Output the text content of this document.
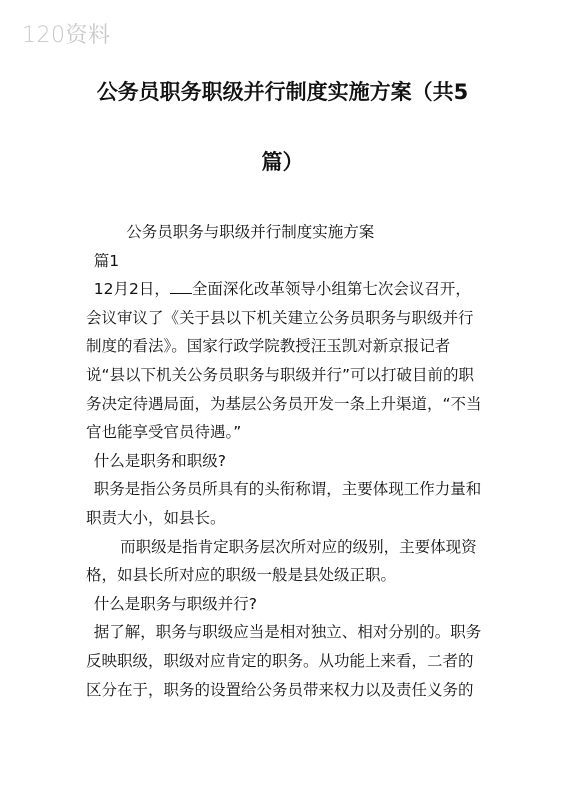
120资料
公务员职务职级并行制度实施方案（共5
篇）

公务员职务与职级并行制度实施方案

篇1

12月2日， 全面深化改革领导小组第七次会议召开，会议审议了《关于县以下机关建立公务员职务与职级并行制度的看法》。国家行政学院教授汪玉凯对新京报记者说“县以下机关公务员职务与职级并行”可以打破目前的职务决定待遇局面，为基层公务员开发一条上升渠道，“不当官也能享受官员待遇。”

什么是职务和职级?

职务是指公务员所具有的头衔称谓，主要体现工作力量和职责大小，如县长。

而职级是指肯定职务层次所对应的级别，主要体现资格，如县长所对应的职级一般是县处级正职。

什么是职务与职级并行?

据了解，职务与职级应当是相对独立、相对分别的。职务反映职级，职级对应肯定的职务。从功能上来看，二者的区分在于，职务的设置给公务员带来权力以及责任义务的
